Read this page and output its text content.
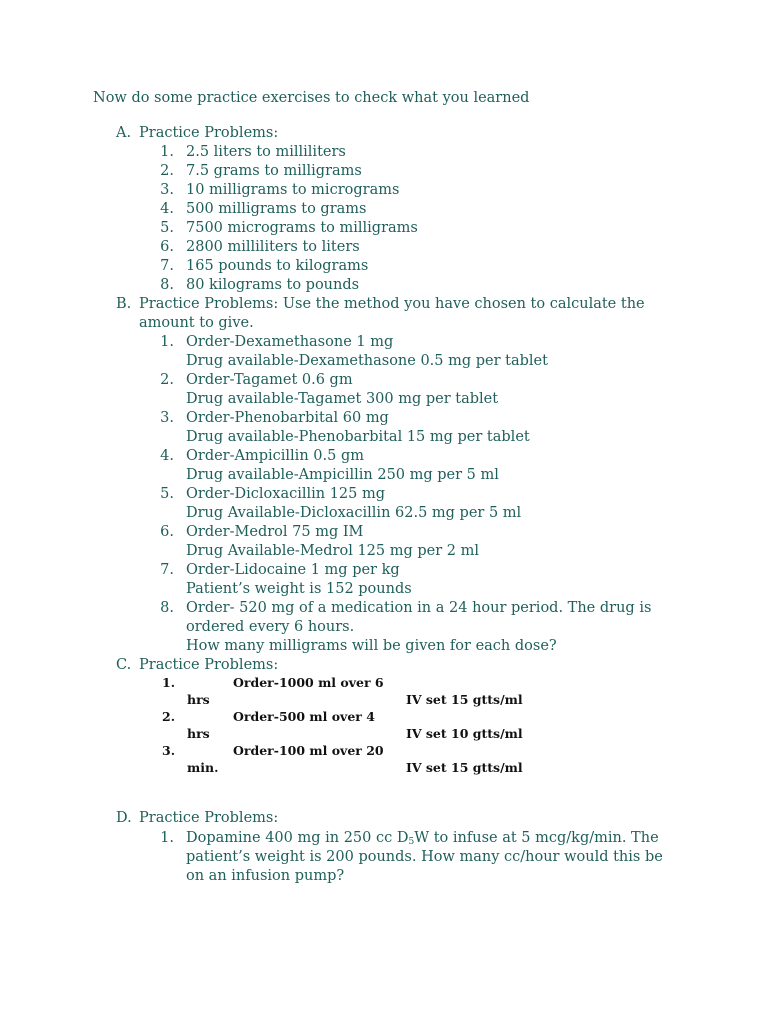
Now do some practice exercises to check what you learned
A. Practice Problems:
1. 2.5 liters to milliliters
2. 7.5 grams to milligrams
3. 10 milligrams to micrograms
4. 500 milligrams to grams
5. 7500 micrograms to milligrams
6. 2800 milliliters to liters
7. 165 pounds to kilograms
8. 80 kilograms to pounds
B. Practice Problems: Use the method you have chosen to calculate the
amount to give.
1. Order-Dexamethasone 1 mg
Drug available-Dexamethasone 0.5 mg per tablet
2. Order-Tagamet 0.6 gm
Drug available-Tagamet 300 mg per tablet
3. Order-Phenobarbital 60 mg
Drug available-Phenobarbital 15 mg per tablet
4. Order-Ampicillin 0.5 gm
Drug available-Ampicillin 250 mg per 5 ml
5. Order-Dicloxacillin 125 mg
Drug Available-Dicloxacillin 62.5 mg per 5 ml
6. Order-Medrol 75 mg IM
Drug Available-Medrol 125 mg per 2 ml
7. Order-Lidocaine 1 mg per kg
Patient’s weight is 152 pounds
8. Order- 520 mg of a medication in a 24 hour period. The drug is
ordered every 6 hours.
How many milligrams will be given for each dose?
C. Practice Problems:
1.	Order-1000 ml over 6
hrs	IV set 15 gtts/ml
2.	Order-500 ml over 4
hrs	IV set 10 gtts/ml
3.	Order-100 ml over 20
min.	IV set 15 gtts/ml
D. Practice Problems:
1. Dopamine 400 mg in 250 cc $D_5W$ to infuse at 5 mcg/kg/min. The
patient’s weight is 200 pounds. How many cc/hour would this be
on an infusion pump?
